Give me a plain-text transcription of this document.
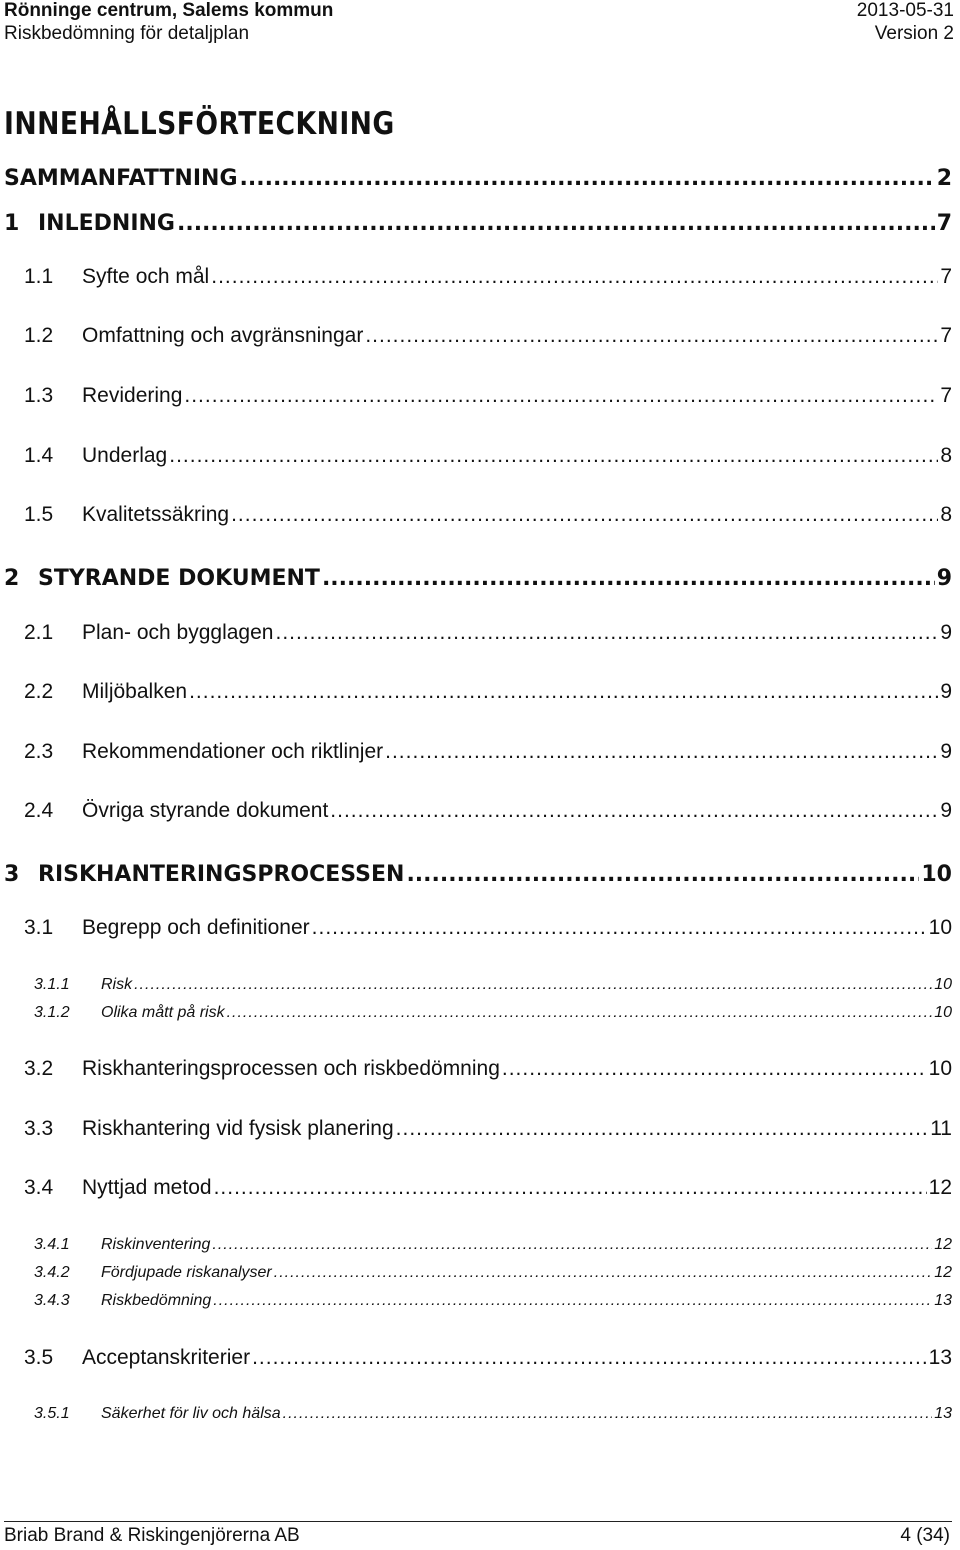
Rönninge centrum, Salems kommun	2013-05-31
Riskbedömning för detaljplan	Version 2
INNEHÅLLSFÖRTECKNING
SAMMANFATTNING .....	2
1 INLEDNING .....	7
1.1	Syfte och mål .....	7
1.2	Omfattning och avgränsningar .....	7
1.3	Revidering .....	7
1.4	Underlag .....	8
1.5	Kvalitetssäkring .....	8
2 STYRANDE DOKUMENT .....	9
2.1	Plan- och bygglagen .....	9
2.2	Miljöbalken .....	9
2.3	Rekommendationer och riktlinjer .....	9
2.4	Övriga styrande dokument .....	9
3 RISKHANTERINGSPROCESSEN .....	10
3.1	Begrepp och definitioner .....	10
3.1.1	Risk .....	10
3.1.2	Olika mått på risk .....	10
3.2	Riskhanteringsprocessen och riskbedömning .....	10
3.3	Riskhantering vid fysisk planering .....	11
3.4	Nyttjad metod .....	12
3.4.1	Riskinventering .....	12
3.4.2	Fördjupade riskanalyser .....	12
3.4.3	Riskbedömning .....	13
3.5	Acceptanskriterier .....	13
3.5.1	Säkerhet för liv och hälsa .....	13
Briab Brand & Riskingenjörerna AB	4 (34)
